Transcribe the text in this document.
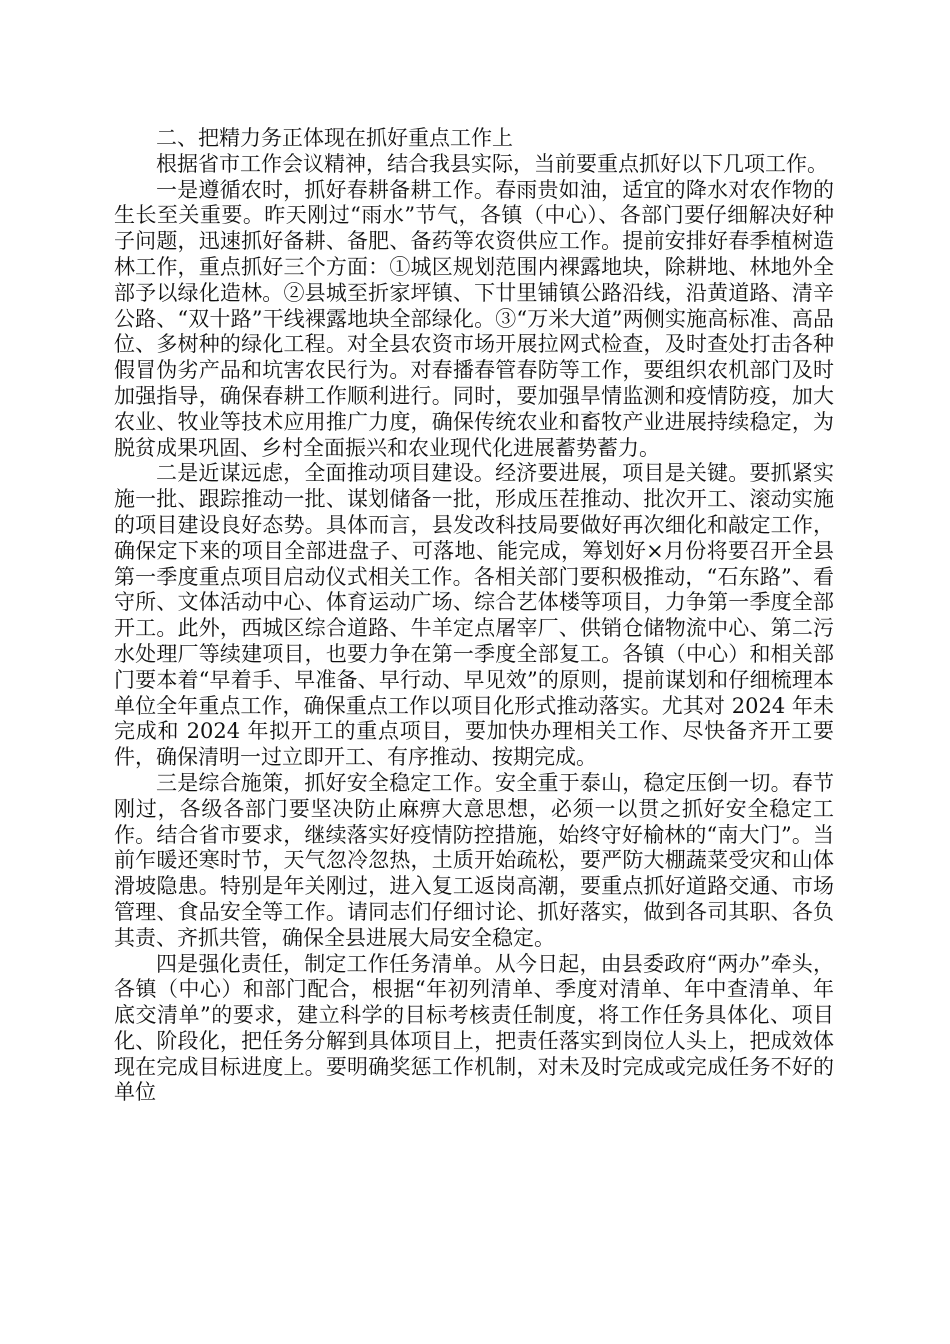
二、把精力务正体现在抓好重点工作上

根据省市工作会议精神，结合我县实际，当前要重点抓好以下几项工作。

一是遵循农时，抓好春耕备耕工作。春雨贵如油，适宜的降水对农作物的生长至关重要。昨天刚过“雨水”节气，各镇（中心）、各部门要仔细解决好种子问题，迅速抓好备耕、备肥、备药等农资供应工作。提前安排好春季植树造林工作，重点抓好三个方面：①城区规划范围内裸露地块，除耕地、林地外全部予以绿化造林。②县城至折家坪镇、下廿里铺镇公路沿线，沿黄道路、清辛公路、“双十路”干线裸露地块全部绿化。③“万米大道”两侧实施高标准、高品位、多树种的绿化工程。对全县农资市场开展拉网式检查，及时查处打击各种假冒伪劣产品和坑害农民行为。对春播春管春防等工作，要组织农机部门及时加强指导，确保春耕工作顺利进行。同时，要加强旱情监测和疫情防疫，加大农业、牧业等技术应用推广力度，确保传统农业和畜牧产业进展持续稳定，为脱贫成果巩固、乡村全面振兴和农业现代化进展蓄势蓄力。

二是近谋远虑，全面推动项目建设。经济要进展，项目是关键。要抓紧实施一批、跟踪推动一批、谋划储备一批，形成压茬推动、批次开工、滚动实施的项目建设良好态势。具体而言，县发改科技局要做好再次细化和敲定工作，确保定下来的项目全部进盘子、可落地、能完成，筹划好×月份将要召开全县第一季度重点项目启动仪式相关工作。各相关部门要积极推动，“石东路”、看守所、文体活动中心、体育运动广场、综合艺体楼等项目，力争第一季度全部开工。此外，西城区综合道路、牛羊定点屠宰厂、供销仓储物流中心、第二污水处理厂等续建项目，也要力争在第一季度全部复工。各镇（中心）和相关部门要本着“早着手、早准备、早行动、早见效”的原则，提前谋划和仔细梳理本单位全年重点工作，确保重点工作以项目化形式推动落实。尤其对 2024 年未完成和 2024 年拟开工的重点项目，要加快办理相关工作、尽快备齐开工要件，确保清明一过立即开工、有序推动、按期完成。

三是综合施策，抓好安全稳定工作。安全重于泰山，稳定压倒一切。春节刚过，各级各部门要坚决防止麻痹大意思想，必须一以贯之抓好安全稳定工作。结合省市要求，继续落实好疫情防控措施，始终守好榆林的“南大门”。当前乍暖还寒时节，天气忽冷忽热，土质开始疏松，要严防大棚蔬菜受灾和山体滑坡隐患。特别是年关刚过，进入复工返岗高潮，要重点抓好道路交通、市场管理、食品安全等工作。请同志们仔细讨论、抓好落实，做到各司其职、各负其责、齐抓共管，确保全县进展大局安全稳定。

四是强化责任，制定工作任务清单。从今日起，由县委政府“两办”牵头，各镇（中心）和部门配合，根据“年初列清单、季度对清单、年中查清单、年底交清单”的要求，建立科学的目标考核责任制度，将工作任务具体化、项目化、阶段化，把任务分解到具体项目上，把责任落实到岗位人头上，把成效体现在完成目标进度上。要明确奖惩工作机制，对未及时完成或完成任务不好的单位
